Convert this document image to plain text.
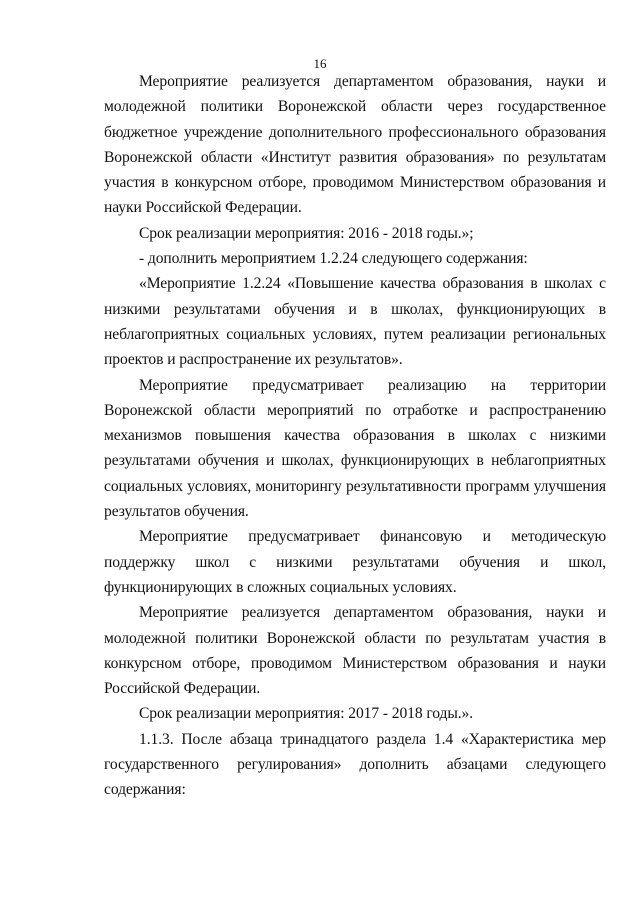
16

Мероприятие реализуется департаментом образования, науки и молодежной политики Воронежской области через государственное бюджетное учреждение дополнительного профессионального образования Воронежской области «Институт развития образования» по результатам участия в конкурсном отборе, проводимом Министерством образования и науки Российской Федерации.

Срок реализации мероприятия: 2016 - 2018 годы.»;

- дополнить мероприятием 1.2.24 следующего содержания:

«Мероприятие 1.2.24 «Повышение качества образования в школах с низкими результатами обучения и в школах, функционирующих в неблагоприятных социальных условиях, путем реализации региональных проектов и распространение их результатов».

Мероприятие предусматривает реализацию на территории Воронежской области мероприятий по отработке и распространению механизмов повышения качества образования в школах с низкими результатами обучения и школах, функционирующих в неблагоприятных социальных условиях, мониторингу результативности программ улучшения результатов обучения.

Мероприятие предусматривает финансовую и методическую поддержку школ с низкими результатами обучения и школ, функционирующих в сложных социальных условиях.

Мероприятие реализуется департаментом образования, науки и молодежной политики Воронежской области по результатам участия в конкурсном отборе, проводимом Министерством образования и науки Российской Федерации.

Срок реализации мероприятия: 2017 - 2018 годы.».

1.1.3. После абзаца тринадцатого раздела 1.4 «Характеристика мер государственного регулирования» дополнить абзацами следующего содержания:
